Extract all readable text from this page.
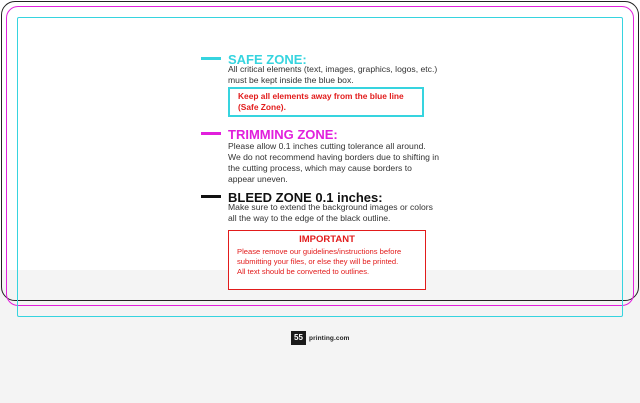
SAFE ZONE:

All critical elements (text, images, graphics, logos, etc.)
must be kept inside the blue box.

Keep all elements away from the blue line
(Safe Zone).

TRIMMING ZONE:

Please allow 0.1 inches cutting tolerance all around.
We do not recommend having borders due to shifting in
the cutting process, which may cause borders to
appear uneven.

BLEED ZONE 0.1 inches:

Make sure to extend the background images or colors
all the way to the edge of the black outline.

IMPORTANT

Please remove our guidelines/instructions before
submitting your files, or else they will be printed.
All text should be converted to outlines.

55 printing.com
